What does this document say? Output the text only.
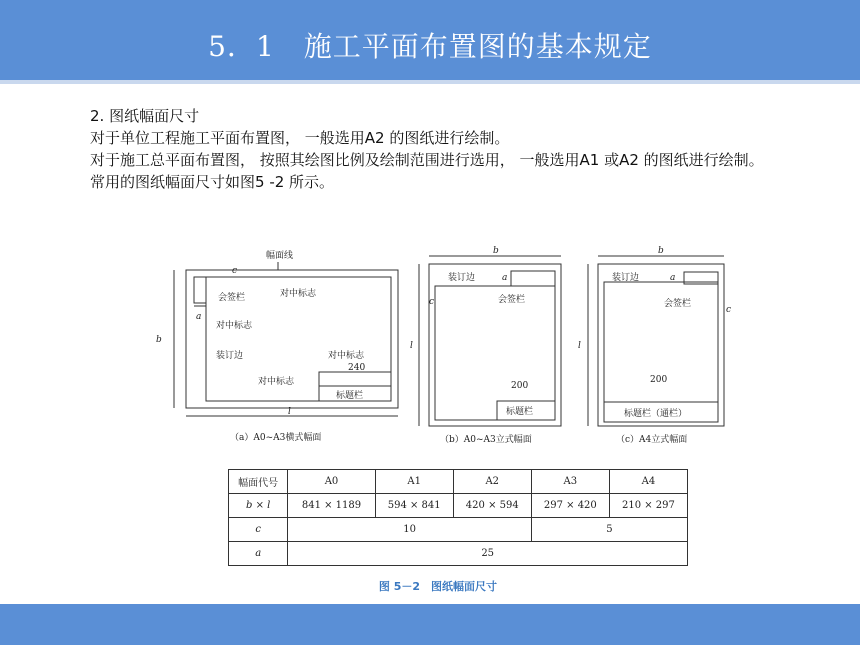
5．1　施工平面布置图的基本规定

2. 图纸幅面尺寸

对于单位工程施工平面布置图， 一般选用A2 的图纸进行绘制。

对于施工总平面布置图， 按照其绘图比例及绘制范围进行选用， 一般选用A1 或A2 的图纸进行绘制。

常用的图纸幅面尺寸如图5 -2 所示。

幅面线
c
会签栏	对中标志
a
对中标志
装订边	对中标志
240
对中标志
标题栏
b
l
（a）A0~A3横式幅面
b
装订边	a
会签栏
c
l
200
标题栏
（b）A0~A3立式幅面
b
装订边	a
会签栏
c
l
200
标题栏（通栏）
（c）A4立式幅面
幅面代号	A0	A1	A2	A3	A4
b × l	841 × 1189	594 × 841	420 × 594	297 × 420	210 × 297
c	10			5	
a	25				
图 5－2　图纸幅面尺寸
